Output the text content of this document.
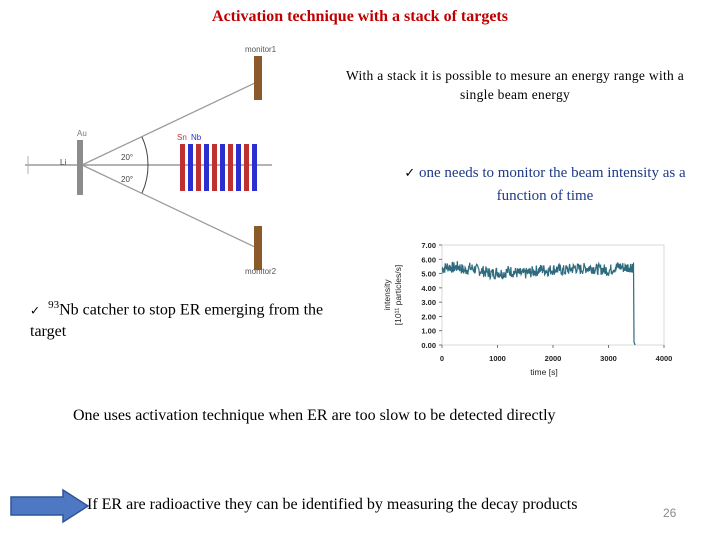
Activation technique with a stack of targets
monitor1
monitor2
Au
Li
Sn Nb
20°
20°
With a stack it is possible to mesure an energy range with a single beam energy
✓ one needs to monitor the beam intensity as a function of time
✓ $^{93}$Nb catcher to stop ER emerging from the target
0.00
1.00
2.00
3.00
4.00
5.00
6.00
7.00
0	1000	2000	3000	4000
intensity [10¹¹ particles/s]
time [s]
One uses activation technique when ER are too slow to be detected directly
If ER are radioactive they can be identified by measuring the decay products	26
